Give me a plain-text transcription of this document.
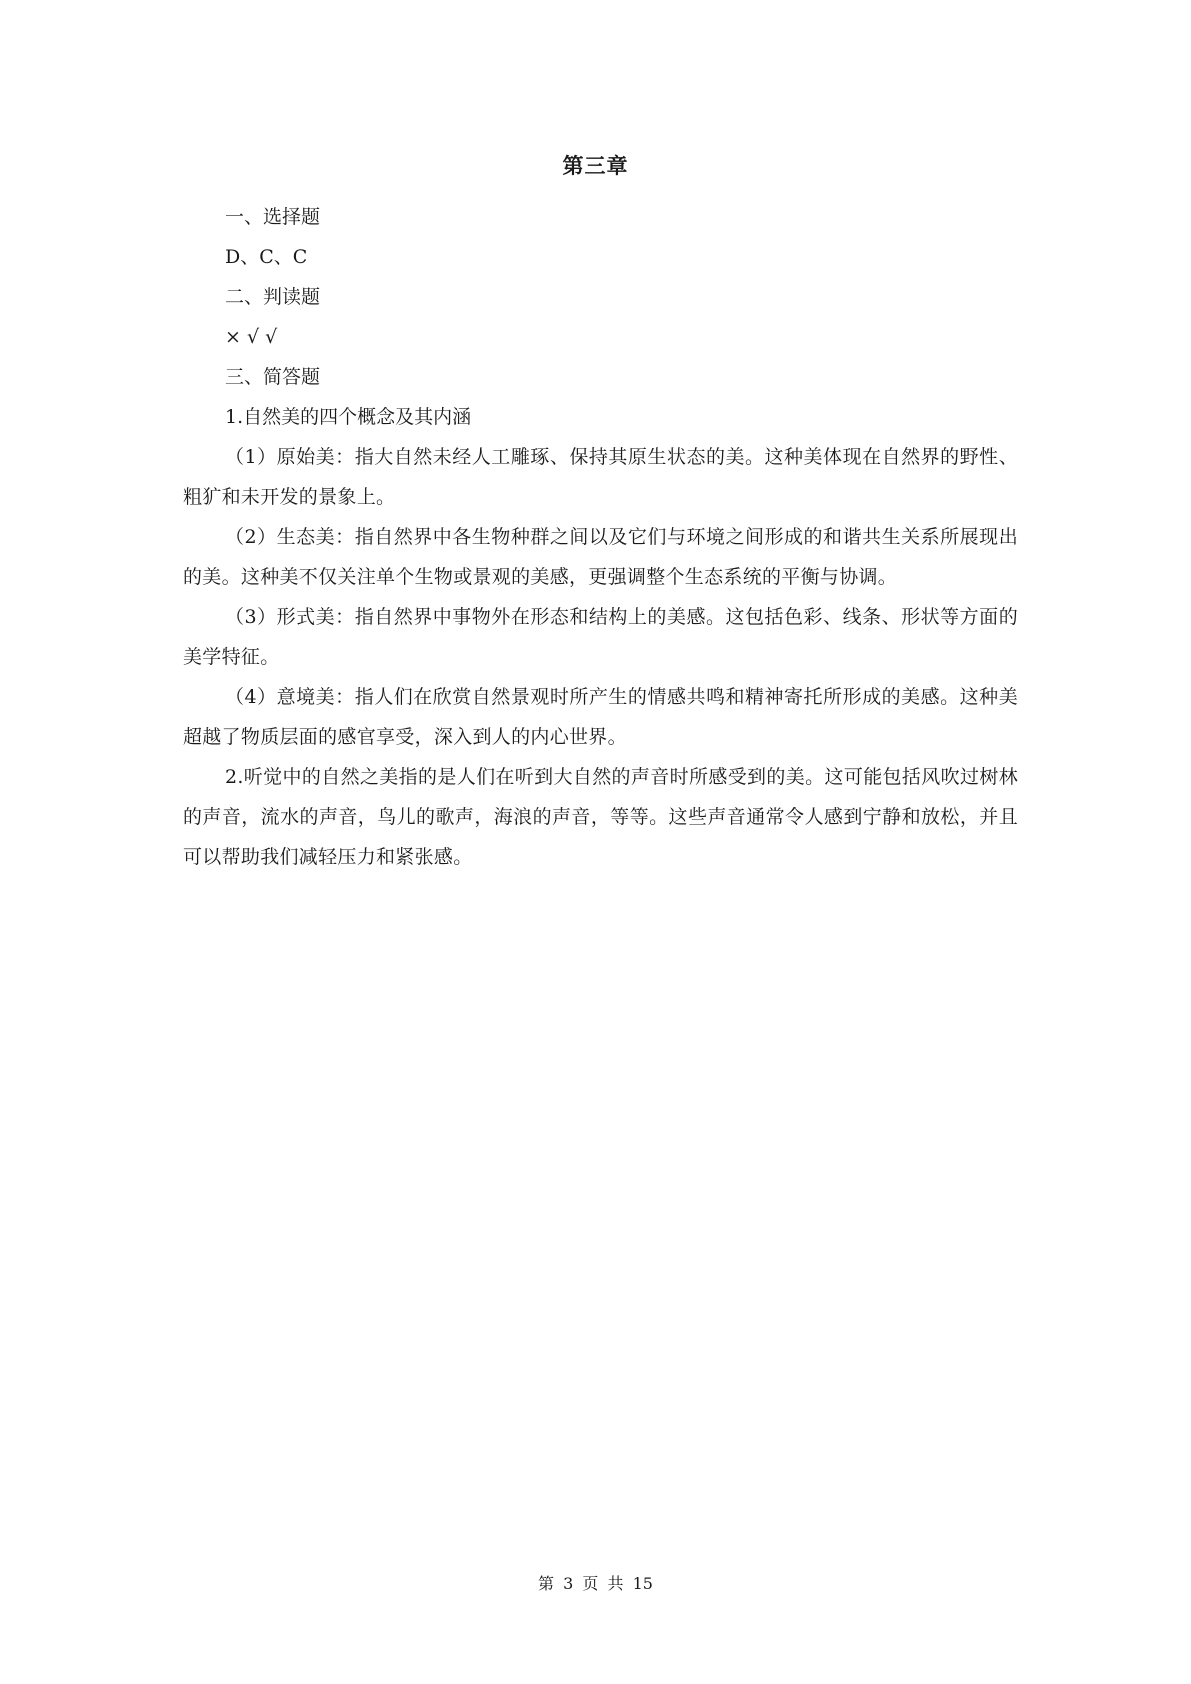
第三章

一、选择题

D、C、C

二、判读题

× √ √

三、简答题

1.自然美的四个概念及其内涵

（1）原始美：指大自然未经人工雕琢、保持其原生状态的美。这种美体现在自然界的野性、粗犷和未开发的景象上。

（2）生态美：指自然界中各生物种群之间以及它们与环境之间形成的和谐共生关系所展现出的美。这种美不仅关注单个生物或景观的美感，更强调整个生态系统的平衡与协调。

（3）形式美：指自然界中事物外在形态和结构上的美感。这包括色彩、线条、形状等方面的美学特征。

（4）意境美：指人们在欣赏自然景观时所产生的情感共鸣和精神寄托所形成的美感。这种美超越了物质层面的感官享受，深入到人的内心世界。

2.听觉中的自然之美指的是人们在听到大自然的声音时所感受到的美。这可能包括风吹过树林的声音，流水的声音，鸟儿的歌声，海浪的声音，等等。这些声音通常令人感到宁静和放松，并且可以帮助我们减轻压力和紧张感。

第 3 页 共 15
